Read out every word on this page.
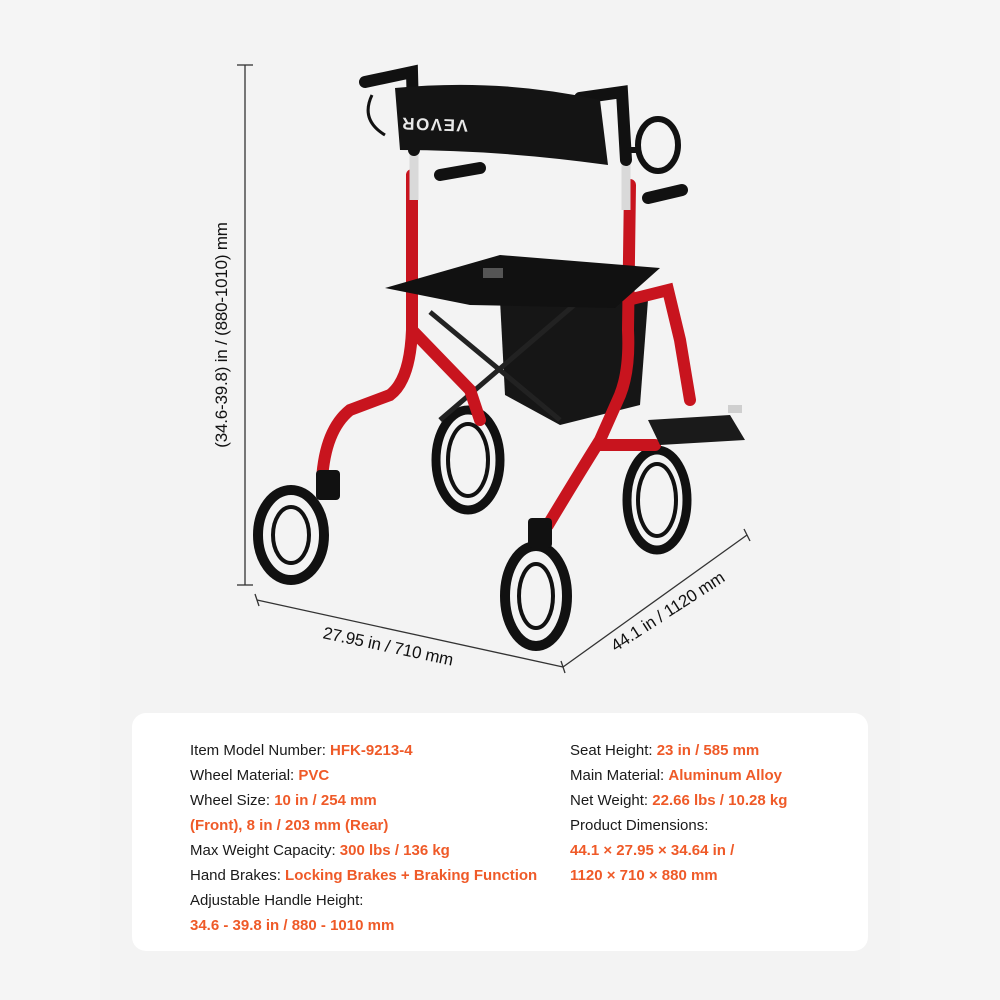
VEVOR
(34.6-39.8) in / (880-1010) mm
27.95 in / 710 mm	44.1 in / 1120 mm
Item Model Number: HFK-9213-4
Wheel Material: PVC
Wheel Size: 10 in / 254 mm
(Front), 8 in / 203 mm (Rear)
Max Weight Capacity: 300 lbs / 136 kg
Hand Brakes: Locking Brakes + Braking Function
Adjustable Handle Height:
34.6 - 39.8 in / 880 - 1010 mm
Seat Height: 23 in / 585 mm
Main Material: Aluminum Alloy
Net Weight: 22.66 lbs / 10.28 kg
Product Dimensions:
44.1 × 27.95 × 34.64 in /
1120 × 710 × 880 mm
